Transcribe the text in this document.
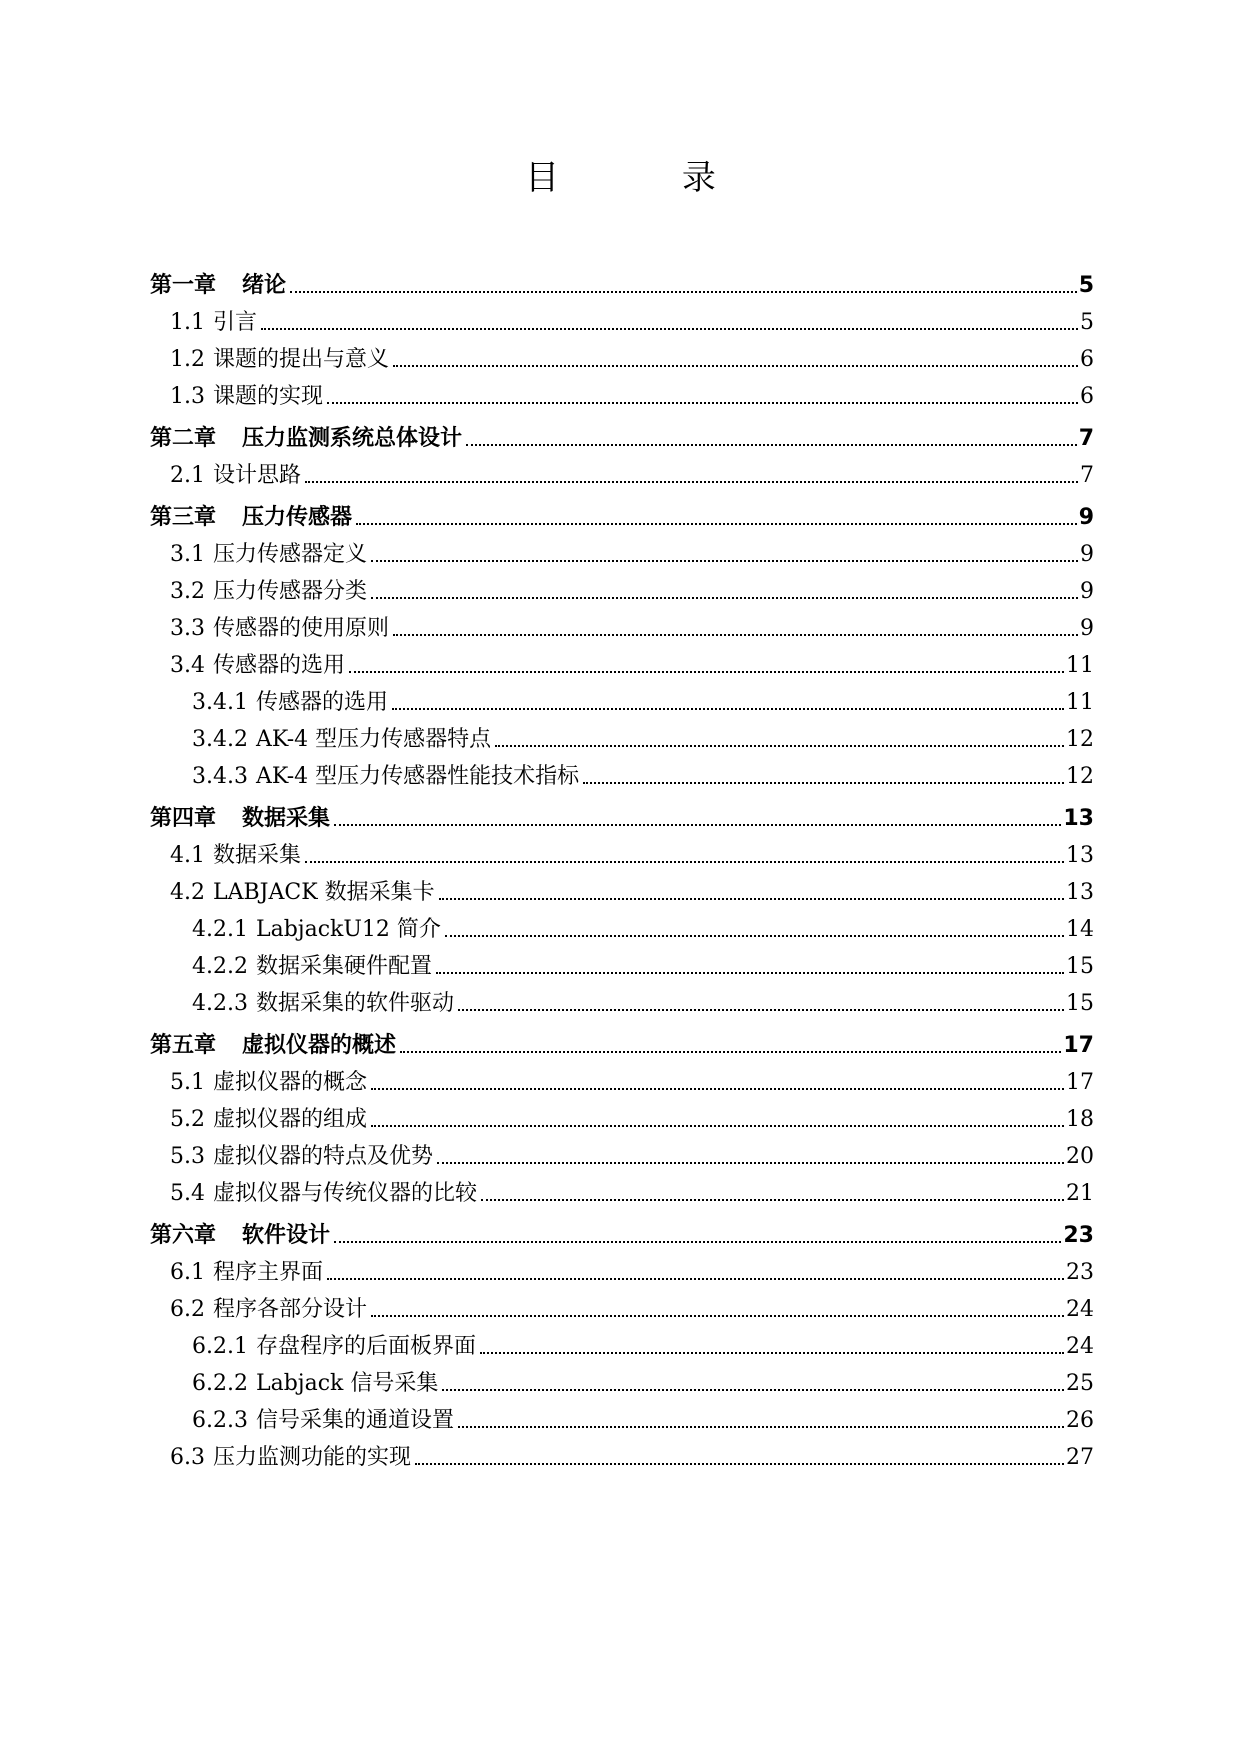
目 录
第一章	绪论	5
1.1 引言	5
1.2 课题的提出与意义	6
1.3 课题的实现	6
第二章	压力监测系统总体设计	7
2.1 设计思路	7
第三章	压力传感器	9
3.1 压力传感器定义	9
3.2 压力传感器分类	9
3.3 传感器的使用原则	9
3.4 传感器的选用	11
3.4.1 传感器的选用	11
3.4.2 AK-4 型压力传感器特点	12
3.4.3 AK-4 型压力传感器性能技术指标	12
第四章	数据采集	13
4.1 数据采集	13
4.2 LABJACK 数据采集卡	13
4.2.1 LabjackU12 简介	14
4.2.2 数据采集硬件配置	15
4.2.3 数据采集的软件驱动	15
第五章	虚拟仪器的概述	17
5.1 虚拟仪器的概念	17
5.2 虚拟仪器的组成	18
5.3 虚拟仪器的特点及优势	20
5.4 虚拟仪器与传统仪器的比较	21
第六章	软件设计	23
6.1 程序主界面	23
6.2 程序各部分设计	24
6.2.1 存盘程序的后面板界面	24
6.2.2 Labjack 信号采集	25
6.2.3 信号采集的通道设置	26
6.3 压力监测功能的实现	27
